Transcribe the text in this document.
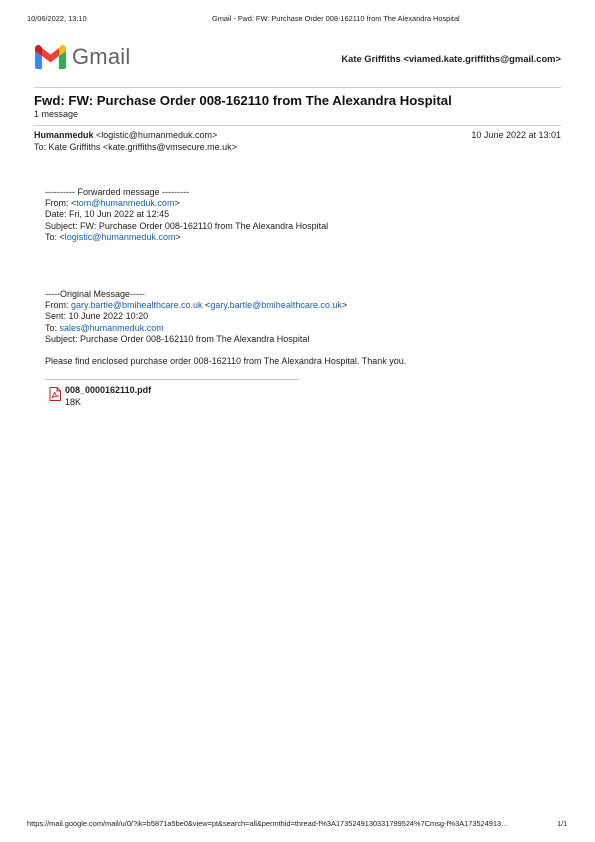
10/06/2022, 13:10	Gmail - Fwd: FW: Purchase Order 008-162110 from The Alexandra Hospital
Gmail	Kate Griffiths <viamed.kate.griffiths@gmail.com>
Fwd: FW: Purchase Order 008-162110 from The Alexandra Hospital
1 message
Humanmeduk <logistic@humanmeduk.com>	10 June 2022 at 13:01
To: Kate Griffiths <kate.griffiths@vmsecure.me.uk>
---------- Forwarded message ---------
From: <tom@humanmeduk.com>
Date: Fri, 10 Jun 2022 at 12:45
Subject: FW: Purchase Order 008-162110 from The Alexandra Hospital
To: <logistic@humanmeduk.com>
-----Original Message-----
From: gary.bartle@bmihealthcare.co.uk <gary.bartle@bmihealthcare.co.uk>
Sent: 10 June 2022 10:20
To: sales@humanmeduk.com
Subject: Purchase Order 008-162110 from The Alexandra Hospital
Please find enclosed purchase order 008-162110 from The Alexandra Hospital. Thank you.
008_0000162110.pdf
18K
https://mail.google.com/mail/u/0/?ik=b5871a5be0&view=pt&search=all&permthid=thread-f%3A1735249130331799524%7Cmsg-f%3A173524913…	1/1
